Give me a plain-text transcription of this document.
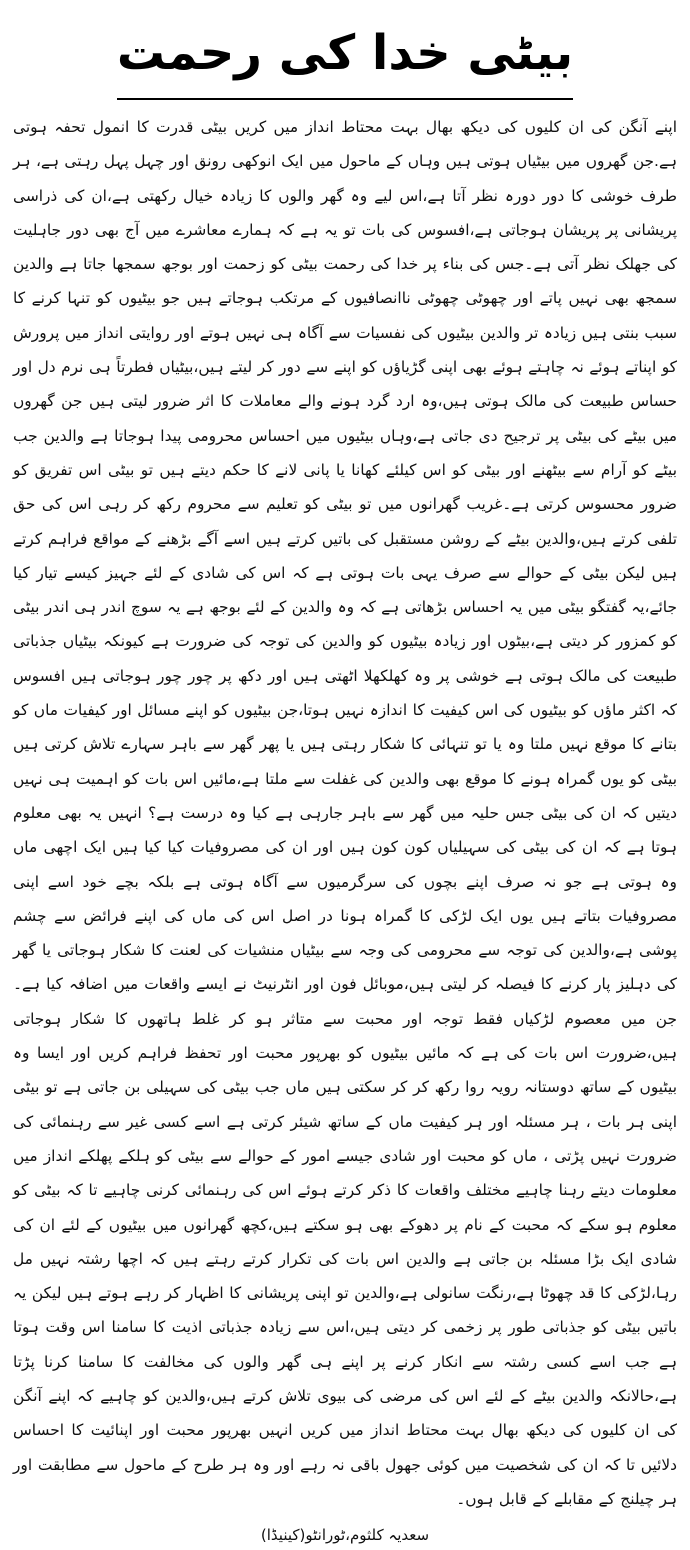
بیٹی خدا کی رحمت

اپنے آنگن کی ان کلیوں کی دیکھ بھال بہت محتاط انداز میں کریں بیٹی قدرت کا انمول تحفہ ہوتی ہے.جن گھروں میں بیٹیاں ہوتی ہیں وہاں کے ماحول میں ایک انوکھی رونق اور چہل پہل رہتی ہے، ہر طرف خوشی کا دور دورہ نظر آتا ہے،اس لیے وہ گھر والوں کا زیادہ خیال رکھتی ہے،ان کی ذراسی پریشانی پر پریشان ہوجاتی ہے،افسوس کی بات تو یہ ہے کہ ہمارے معاشرے میں آج بھی دور جاہلیت کی جھلک نظر آتی ہے۔جس کی بناء پر خدا کی رحمت بیٹی کو زحمت اور بوجھ سمجھا جاتا ہے والدین سمجھ بھی نہیں پاتے اور چھوٹی چھوٹی ناانصافیوں کے مرتکب ہوجاتے ہیں جو بیٹیوں کو تنہا کرنے کا سبب بنتی ہیں زیادہ تر والدین بیٹیوں کی نفسیات سے آگاہ ہی نہیں ہوتے اور روایتی انداز میں پرورش کو اپناتے ہوئے نہ چاہتے ہوئے بھی اپنی گڑیاؤں کو اپنے سے دور کر لیتے ہیں،بیٹیاں فطرتاً ہی نرم دل اور حساس طبیعت کی مالک ہوتی ہیں،وہ ارد گرد ہونے والے معاملات کا اثر ضرور لیتی ہیں جن گھروں میں بیٹے کی بیٹی پر ترجیح دی جاتی ہے،وہاں بیٹیوں میں احساس محرومی پیدا ہوجاتا ہے والدین جب بیٹے کو آرام سے بیٹھنے اور بیٹی کو اس کیلئے کھانا یا پانی لانے کا حکم دیتے ہیں تو بیٹی اس تفریق کو ضرور محسوس کرتی ہے۔غریب گھرانوں میں تو بیٹی کو تعلیم سے محروم رکھ کر رہی اس کی حق تلفی کرتے ہیں،والدین بیٹے کے روشن مستقبل کی باتیں کرتے ہیں اسے آگے بڑھنے کے مواقع فراہم کرتے ہیں لیکن بیٹی کے حوالے سے صرف یہی بات ہوتی ہے کہ اس کی شادی کے لئے جہیز کیسے تیار کیا جائے،یہ گفتگو بیٹی میں یہ احساس بڑھاتی ہے کہ وہ والدین کے لئے بوجھ ہے یہ سوچ اندر ہی اندر بیٹی کو کمزور کر دیتی ہے،بیٹوں اور زیادہ بیٹیوں کو والدین کی توجہ کی ضرورت ہے کیونکہ بیٹیاں جذباتی طبیعت کی مالک ہوتی ہے خوشی پر وہ کھلکھلا اٹھتی ہیں اور دکھ پر چور چور ہوجاتی ہیں افسوس کہ اکثر ماؤں کو بیٹیوں کی اس کیفیت کا اندازہ نہیں ہوتا،جن بیٹیوں کو اپنے مسائل اور کیفیات ماں کو بتانے کا موقع نہیں ملتا وہ یا تو تنہائی کا شکار رہتی ہیں یا پھر گھر سے باہر سہارے تلاش کرتی ہیں بیٹی کو یوں گمراہ ہونے کا موقع بھی والدین کی غفلت سے ملتا ہے،مائیں اس بات کو اہمیت ہی نہیں دیتیں کہ ان کی بیٹی جس حلیہ میں گھر سے باہر جارہی ہے کیا وہ درست ہے؟ انہیں یہ بھی معلوم ہوتا ہے کہ ان کی بیٹی کی سہیلیاں کون کون ہیں اور ان کی مصروفیات کیا کیا ہیں ایک اچھی ماں وہ ہوتی ہے جو نہ صرف اپنے بچوں کی سرگرمیوں سے آگاہ ہوتی ہے بلکہ بچے خود اسے اپنی مصروفیات بتاتے ہیں یوں ایک لڑکی کا گمراہ ہونا در اصل اس کی ماں کی اپنے فرائض سے چشم پوشی ہے،والدین کی توجہ سے محرومی کی وجہ سے بیٹیاں منشیات کی لعنت کا شکار ہوجاتی یا گھر کی دہلیز پار کرنے کا فیصلہ کر لیتی ہیں،موبائل فون اور انٹرنیٹ نے ایسے واقعات میں اضافہ کیا ہے۔جن میں معصوم لڑکیاں فقط توجہ اور محبت سے متاثر ہو کر غلط ہاتھوں کا شکار ہوجاتی ہیں،ضرورت اس بات کی ہے کہ مائیں بیٹیوں کو بھرپور محبت اور تحفظ فراہم کریں اور ایسا وہ بیٹیوں کے ساتھ دوستانہ رویہ روا رکھ کر کر سکتی ہیں ماں جب بیٹی کی سہیلی بن جاتی ہے تو بیٹی اپنی ہر بات ، ہر مسئلہ اور ہر کیفیت ماں کے ساتھ شیئر کرتی ہے اسے کسی غیر سے رہنمائی کی ضرورت نہیں پڑتی ، ماں کو محبت اور شادی جیسے امور کے حوالے سے بیٹی کو ہلکے پھلکے انداز میں معلومات دیتے رہنا چاہیے مختلف واقعات کا ذکر کرتے ہوئے اس کی رہنمائی کرنی چاہیے تا کہ بیٹی کو معلوم ہو سکے کہ محبت کے نام پر دھوکے بھی ہو سکتے ہیں،کچھ گھرانوں میں بیٹیوں کے لئے ان کی شادی ایک بڑا مسئلہ بن جاتی ہے والدین اس بات کی تکرار کرتے رہتے ہیں کہ اچھا رشتہ نہیں مل رہا،لڑکی کا قد چھوٹا ہے،رنگت سانولی ہے،والدین تو اپنی پریشانی کا اظہار کر رہے ہوتے ہیں لیکن یہ باتیں بیٹی کو جذباتی طور پر زخمی کر دیتی ہیں،اس سے زیادہ جذباتی اذیت کا سامنا اس وقت ہوتا ہے جب اسے کسی رشتہ سے انکار کرنے پر اپنے ہی گھر والوں کی مخالفت کا سامنا کرنا پڑتا ہے،حالانکہ والدین بیٹے کے لئے اس کی مرضی کی بیوی تلاش کرتے ہیں،والدین کو چاہیے کہ اپنے آنگن کی ان کلیوں کی دیکھ بھال بہت محتاط انداز میں کریں انہیں بھرپور محبت اور اپنائیت کا احساس دلائیں تا کہ ان کی شخصیت میں کوئی جھول باقی نہ رہے اور وہ ہر طرح کے ماحول سے مطابقت اور ہر چیلنج کے مقابلے کے قابل ہوں۔

سعدیہ کلثوم،ٹورانٹو(کینیڈا)
